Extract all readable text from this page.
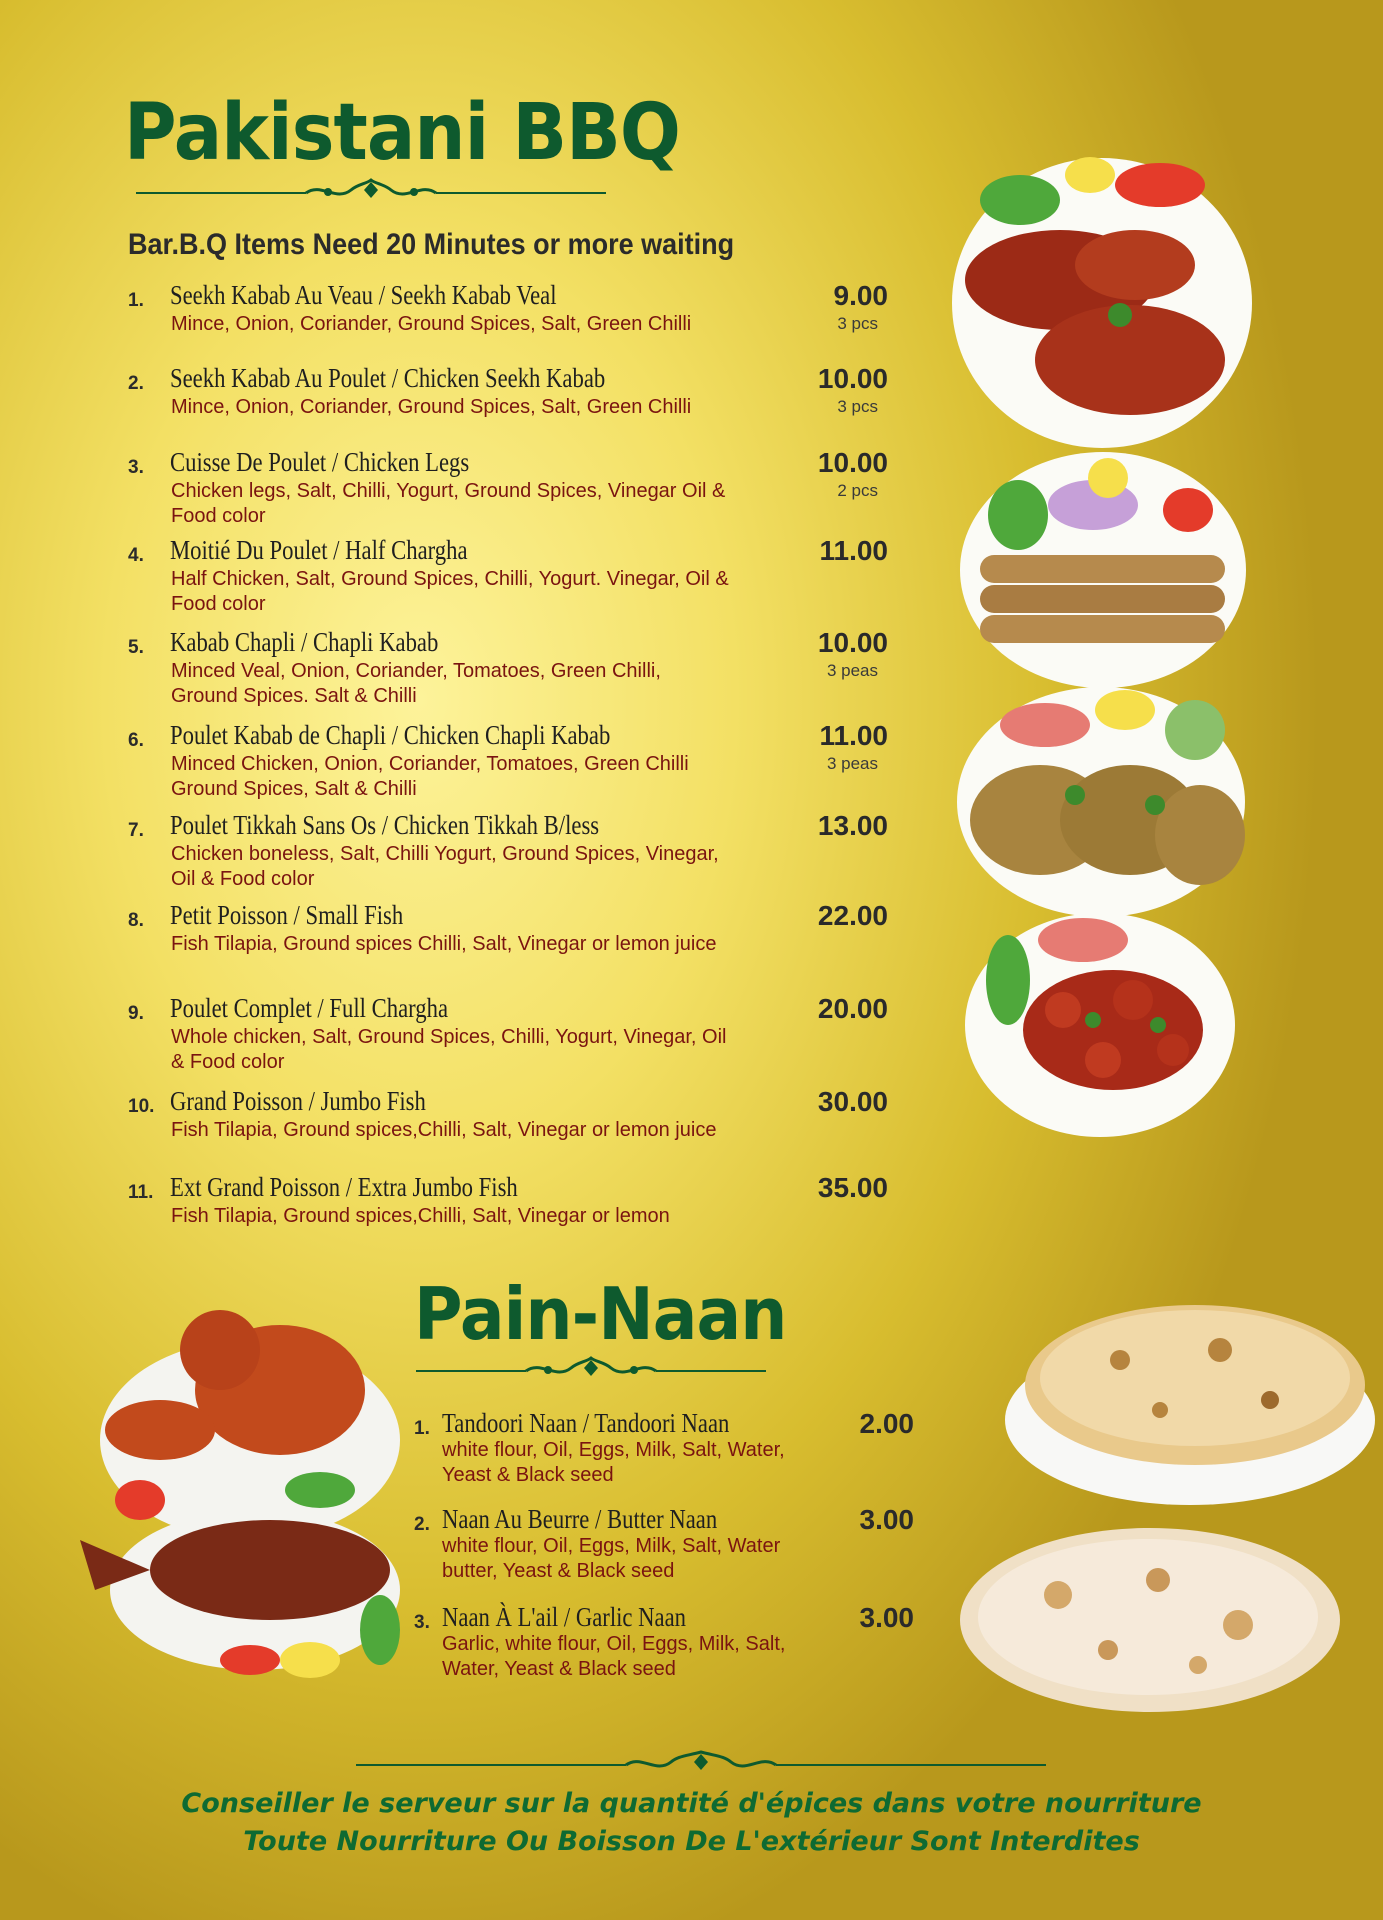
Pakistani BBQ
Bar.B.Q Items Need 20 Minutes or more waiting
1. Seekh Kabab Au Veau / Seekh Kabab Veal
Mince, Onion, Coriander, Ground Spices, Salt, Green Chilli
9.00
3 pcs
2. Seekh Kabab Au Poulet / Chicken Seekh Kabab
Mince, Onion, Coriander, Ground Spices, Salt, Green Chilli
10.00
3 pcs
3. Cuisse De Poulet / Chicken Legs
Chicken legs, Salt, Chilli, Yogurt, Ground Spices, Vinegar Oil & Food color
10.00
2 pcs
4. Moitié Du Poulet / Half Chargha
Half Chicken, Salt, Ground Spices, Chilli, Yogurt. Vinegar, Oil & Food color
11.00
5. Kabab Chapli / Chapli Kabab
Minced Veal, Onion, Coriander, Tomatoes, Green Chilli, Ground Spices. Salt & Chilli
10.00
3 peas
6. Poulet Kabab de Chapli / Chicken Chapli Kabab
Minced Chicken, Onion, Coriander, Tomatoes, Green Chilli Ground Spices, Salt & Chilli
11.00
3 peas
7. Poulet Tikkah Sans Os / Chicken Tikkah B/less
Chicken boneless, Salt, Chilli Yogurt, Ground Spices, Vinegar, Oil & Food color
13.00
8. Petit Poisson / Small Fish
Fish Tilapia, Ground spices Chilli, Salt, Vinegar or lemon juice
22.00
9. Poulet Complet / Full Chargha
Whole chicken, Salt, Ground Spices, Chilli, Yogurt, Vinegar, Oil & Food color
20.00
10. Grand Poisson / Jumbo Fish
Fish Tilapia, Ground spices,Chilli, Salt, Vinegar or lemon juice
30.00
11. Ext Grand Poisson / Extra Jumbo Fish
Fish Tilapia, Ground spices,Chilli, Salt, Vinegar or lemon
35.00
Pain-Naan
1. Tandoori Naan / Tandoori Naan
white flour, Oil, Eggs, Milk, Salt, Water, Yeast & Black seed
2.00
2. Naan Au Beurre / Butter Naan
white flour, Oil, Eggs, Milk, Salt, Water butter, Yeast & Black seed
3.00
3. Naan À L'ail / Garlic Naan
Garlic, white flour, Oil, Eggs, Milk, Salt, Water, Yeast & Black seed
3.00
Conseiller le serveur sur la quantité d'épices dans votre nourriture
Toute Nourriture Ou Boisson De L'extérieur Sont Interdites
